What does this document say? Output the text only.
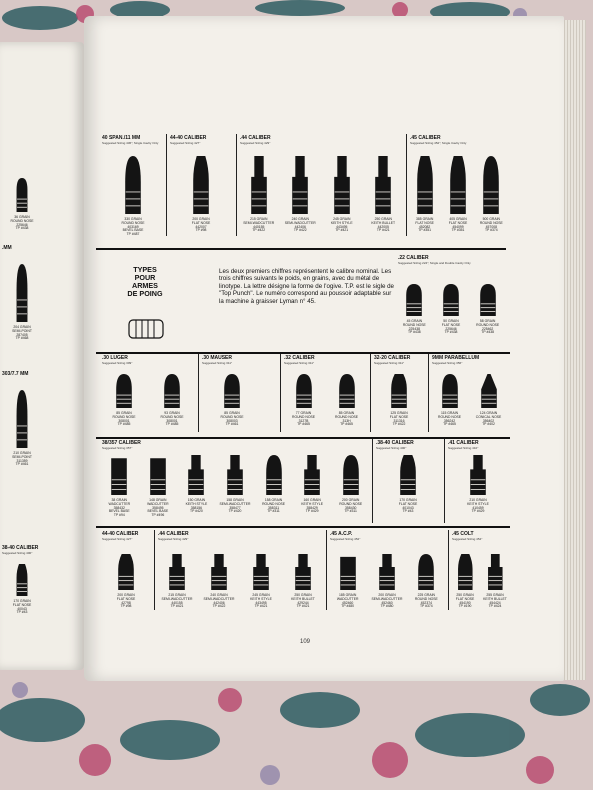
40 SPAN./11 MM
Suggested Sizing 436"; Single Cavity Only
330 GRAIN
ROUND NOSE
403169
BEVEL BASE
TP #487
44-40 CALIBER
Suggested Sizing 427"
200 GRAIN
FLAT NOSE
442007
TP #98
.44 CALIBER
Suggested Sizing 429"
215 GRAIN
SEMI-WADCUTTER
440155
TP #422
240 GRAIN
SEMI-WADCUTTER
442406
TP #422
245 GRAIN
KEITH STYLE
443495
TP #421
250 GRAIN
KEITH BULLET
442005
TP #421
.45 CALIBER
Suggested Sizing 452"; Single Cavity Only
385 GRAIN
FLAT NOSE
452082
TP #351
405 GRAIN
FLAT NOSE
454099
TP #351
500 GRAIN
ROUND NOSE
457008
TP #374
.22 CALIBER
Suggested Sizing 224"; Single and Double Cavity Only
45 GRAIN
ROUND NOSE
225438
TP #438
50 GRAIN
FLAT NOSE
225646
TP #438
58 GRAIN
ROUND NOSE
225462
TP #438
.30 LUGER
Suggested Sizing 309"
85 GRAIN
ROUND NOSE
308001
TP #485
93 GRAIN
ROUND NOSE
308001
TP #485
.30 MAUSER
Suggested Sizing 311"
85 GRAIN
ROUND NOSE
308003
TP #461
.32 CALIBER
Suggested Sizing 311"
77 GRAIN
ROUND NOSE
3127B
TP #465
85 GRAIN
ROUND NOSE
313H
TP #465
32-20 CALIBER
Suggested Sizing 311"
125 GRAIN
FLAT NOSE
311316
TP #422
9MM PARABELLUM
Suggested Sizing 356"
115 GRAIN
ROUND NOSE
356242
TP #465
124 GRAIN
CONICAL NOSE
356402
TP #402
38/357 CALIBER
Suggested Sizing 357"
38 GRAIN
WADCUTTER
358432
BEVEL BASE
TP #94
148 GRAIN
WADCUTTER
358495
BEVEL BASE
TP #496
150 GRAIN
KEITH STYLE
358156
TP #420
158 GRAIN
SEMI-WADCUTTER
358477
TP #420
158 GRAIN
ROUND NOSE
358311
TP #311
160 GRAIN
KEITH STYLE
358429
TP #429
200 GRAIN
ROUND NOSE
358430
TP #311
.38-40 CALIBER
Suggested Sizing 400"
170 GRAIN
FLAT NOSE
401043
TP #43
.41 CALIBER
Suggested Sizing 410"
210 GRAIN
KEITH STYLE
410459
TP #429
44-40 CALIBER
Suggested Sizing 427"
200 GRAIN
FLAT NOSE
42798
TP #98
.44 CALIBER
Suggested Sizing 429"
215 GRAIN
SEMI-WADCUTTER
440155
TP #421
240 GRAIN
SEMI-WADCUTTER
442406
TP #422
245 GRAIN
KEITH STYLE
443495
TP #421
250 GRAIN
KEITH BULLET
429244
TP #421
.45 A.C.P.
Suggested Sizing 452"
185 GRAIN
WADCUTTER
452460
TP #480
200 GRAIN
SEMI-WADCUTTER
452460
TP #480
225 GRAIN
ROUND NOSE
452374
TP #374
.45 COLT
Suggested Sizing 454"
250 GRAIN
FLAT NOSE
454190
TP #190
255 GRAIN
KEITH BULLET
454424
TP #424
36 GRAIN
ROUND NOSE
225646
TP #438
.MM
204 GRAIN
SEMI-POINT
287405
TP #468
303/7.7 MM
210 GRAIN
SEMI-POINT
311359
TP #461
38-40 CALIBER
Suggested Sizing 400"
170 GRAIN
FLAT NOSE
40043
TP #43
TYPES
POUR
ARMES
DE POING
Les deux premiers chiffres représentent le calibre nominal. Les trois chiffres suivants le poids, en grains, avec du métal de linotype. La lettre désigne la forme de l'ogive. T.P. est le sigle de "Top Punch". Le numéro correspond au poussoir adaptable sur la machine à graisser Lyman n° 45.
109
